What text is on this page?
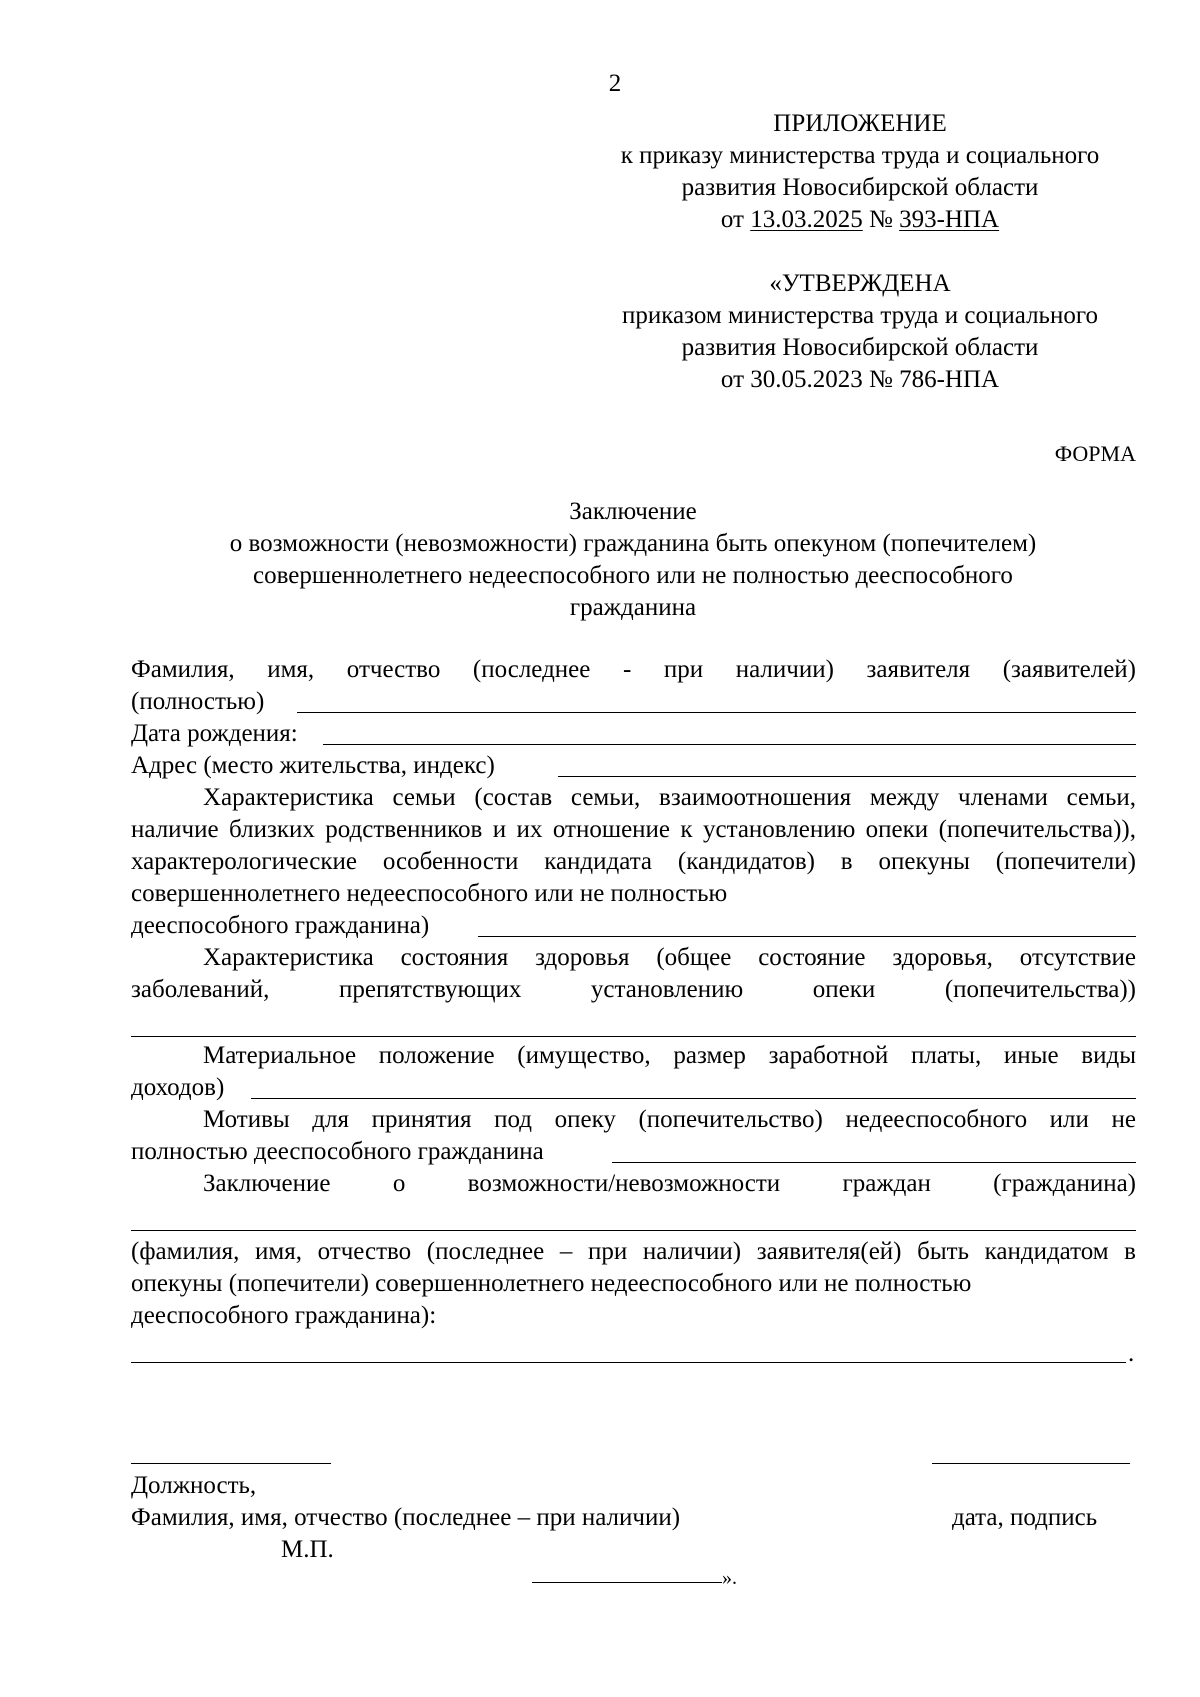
2
ПРИЛОЖЕНИЕ
к приказу министерства труда и социального
развития Новосибирской области
от 13.03.2025 № 393-НПА
«УТВЕРЖДЕНА
приказом министерства труда и социального
развития Новосибирской области
от 30.05.2023 № 786-НПА
ФОРМА
Заключение
о возможности (невозможности) гражданина быть опекуном (попечителем)
совершеннолетнего недееспособного или не полностью дееспособного
гражданина
Фамилия, имя, отчество (последнее - при наличии) заявителя (заявителей)
(полностью)
Дата рождения:
Адрес (место жительства, индекс)
Характеристика семьи (состав семьи, взаимоотношения между членами семьи, наличие близких родственников и их отношение к установлению опеки (попечительства)), характерологические особенности кандидата (кандидатов) в опекуны (попечители) совершеннолетнего недееспособного или не полностью
дееспособного гражданина)
Характеристика состояния здоровья (общее состояние здоровья, отсутствие
заболеваний, препятствующих установлению опеки (попечительства))
Материальное положение (имущество, размер заработной платы, иные виды
доходов)
Мотивы для принятия под опеку (попечительство) недееспособного или не
полностью дееспособного гражданина
Заключение о возможности/невозможности граждан (гражданина)
(фамилия, имя, отчество (последнее – при наличии) заявителя(ей) быть кандидатом в опекуны (попечители) совершеннолетнего недееспособного или не полностью
дееспособного гражданина):
.
Должность,
Фамилия, имя, отчество (последнее – при наличии)	дата, подпись
М.П.
».
